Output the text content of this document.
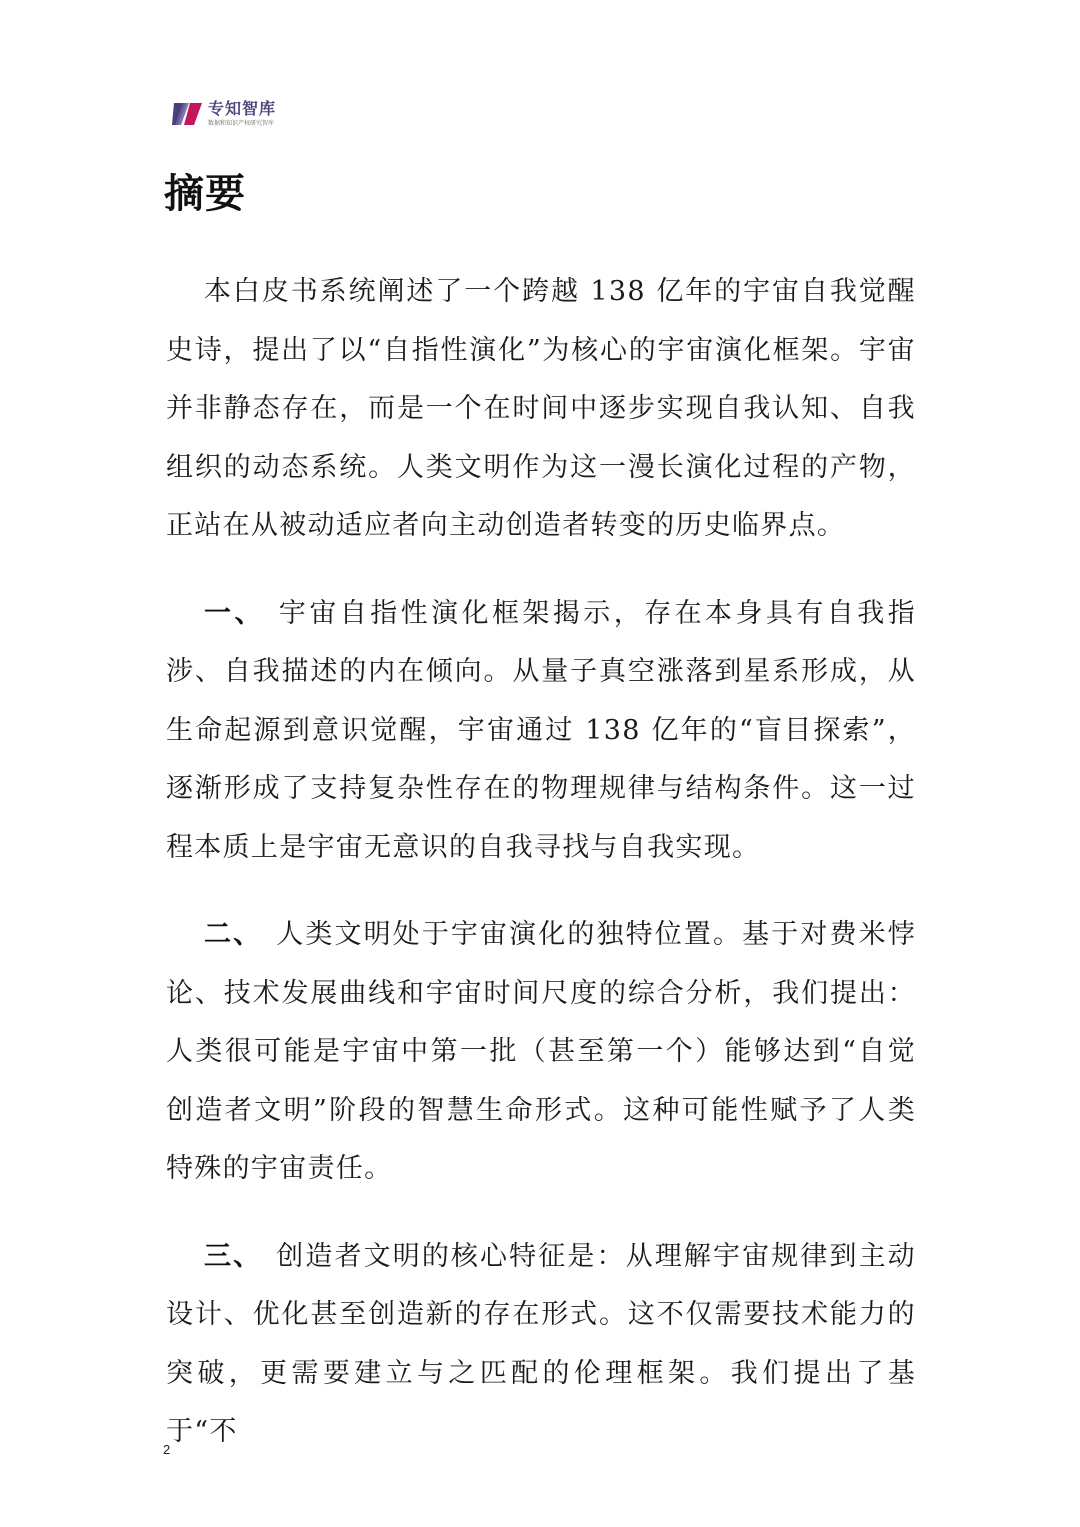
专知智库
数据和知识产权研究智库
摘要

本白皮书系统阐述了一个跨越 138 亿年的宇宙自我觉醒史诗，提出了以“自指性演化”为核心的宇宙演化框架。宇宙并非静态存在，而是一个在时间中逐步实现自我认知、自我组织的动态系统。人类文明作为这一漫长演化过程的产物，正站在从被动适应者向主动创造者转变的历史临界点。

一、 宇宙自指性演化框架揭示，存在本身具有自我指涉、自我描述的内在倾向。从量子真空涨落到星系形成，从生命起源到意识觉醒，宇宙通过 138 亿年的“盲目探索”，逐渐形成了支持复杂性存在的物理规律与结构条件。这一过程本质上是宇宙无意识的自我寻找与自我实现。

二、 人类文明处于宇宙演化的独特位置。基于对费米悖论、技术发展曲线和宇宙时间尺度的综合分析，我们提出：人类很可能是宇宙中第一批（甚至第一个）能够达到“自觉创造者文明”阶段的智慧生命形式。这种可能性赋予了人类特殊的宇宙责任。

三、 创造者文明的核心特征是：从理解宇宙规律到主动设计、优化甚至创造新的存在形式。这不仅需要技术能力的突破，更需要建立与之匹配的伦理框架。我们提出了基于“不

2
